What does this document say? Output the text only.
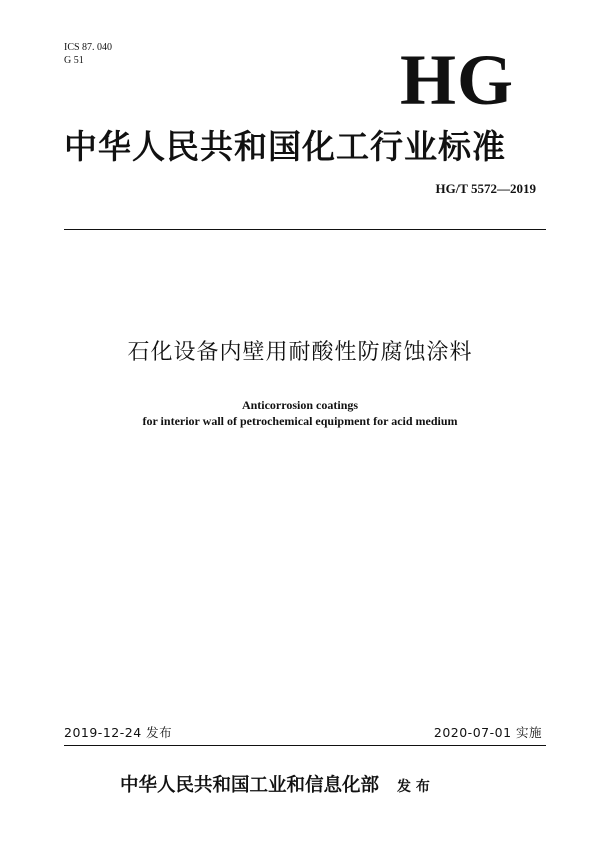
ICS 87. 040
G 51	HG
中华人民共和国化工行业标准
HG/T 5572—2019
石化设备内壁用耐酸性防腐蚀涂料
Anticorrosion coatings
for interior wall of petrochemical equipment for acid medium
2019-12-24 发布	2020-07-01 实施
中华人民共和国工业和信息化部 发 布
